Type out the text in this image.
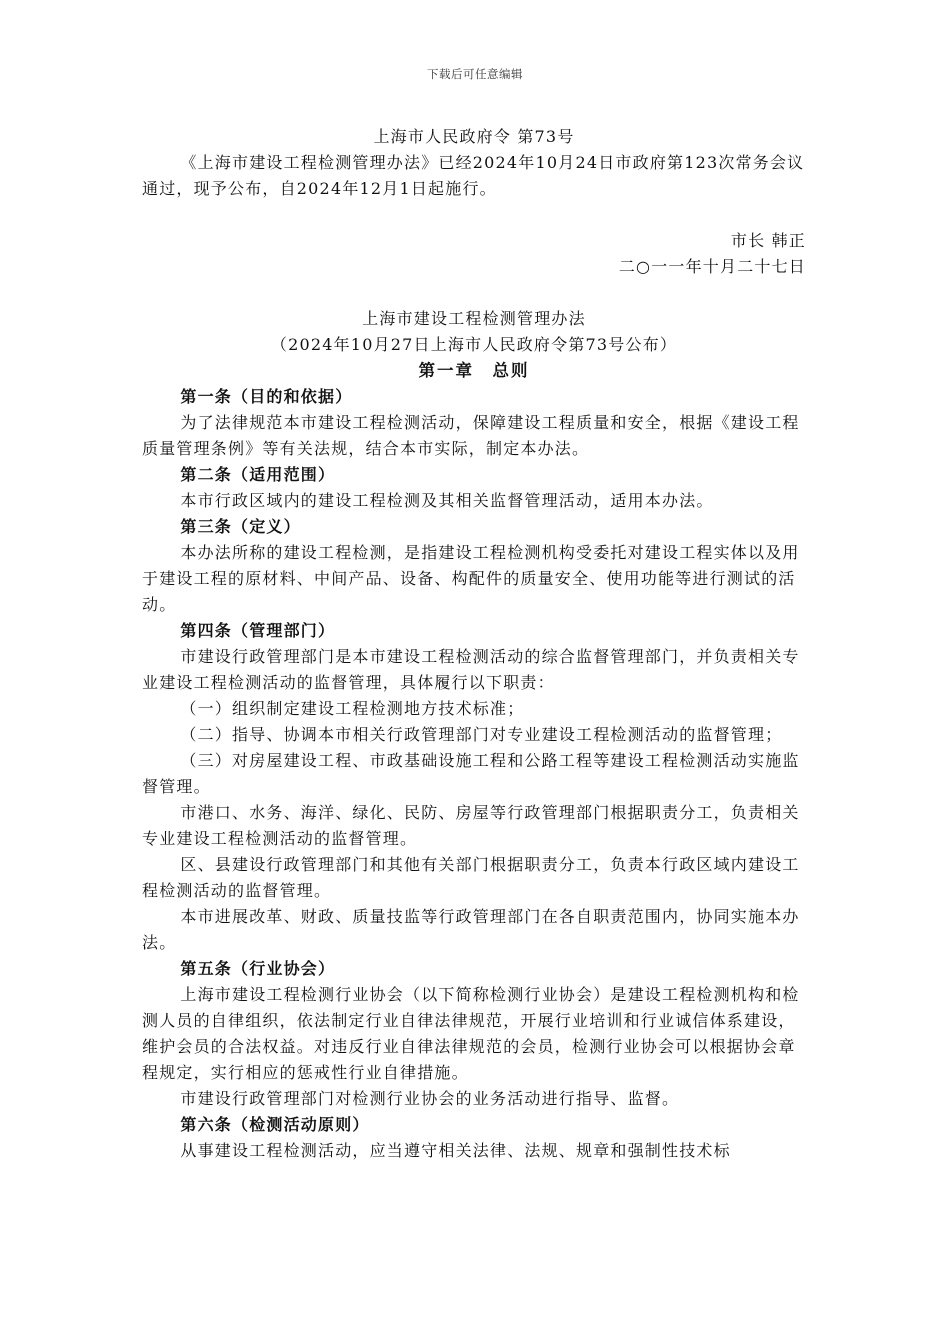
下载后可任意编辑

上海市人民政府令 第73号

《上海市建设工程检测管理办法》已经2024年10月24日市政府第123次常务会议通过，现予公布，自2024年12月1日起施行。

市长 韩正

二○一一年十月二十七日

上海市建设工程检测管理办法

（2024年10月27日上海市人民政府令第73号公布）

第一章　总则

第一条（目的和依据）

为了法律规范本市建设工程检测活动，保障建设工程质量和安全，根据《建设工程质量管理条例》等有关法规，结合本市实际，制定本办法。

第二条（适用范围）

本市行政区域内的建设工程检测及其相关监督管理活动，适用本办法。

第三条（定义）

本办法所称的建设工程检测，是指建设工程检测机构受委托对建设工程实体以及用于建设工程的原材料、中间产品、设备、构配件的质量安全、使用功能等进行测试的活动。

第四条（管理部门）

市建设行政管理部门是本市建设工程检测活动的综合监督管理部门，并负责相关专业建设工程检测活动的监督管理，具体履行以下职责：

（一）组织制定建设工程检测地方技术标准；

（二）指导、协调本市相关行政管理部门对专业建设工程检测活动的监督管理；

（三）对房屋建设工程、市政基础设施工程和公路工程等建设工程检测活动实施监督管理。

市港口、水务、海洋、绿化、民防、房屋等行政管理部门根据职责分工，负责相关专业建设工程检测活动的监督管理。

区、县建设行政管理部门和其他有关部门根据职责分工，负责本行政区域内建设工程检测活动的监督管理。

本市进展改革、财政、质量技监等行政管理部门在各自职责范围内，协同实施本办法。

第五条（行业协会）

上海市建设工程检测行业协会（以下简称检测行业协会）是建设工程检测机构和检测人员的自律组织，依法制定行业自律法律规范，开展行业培训和行业诚信体系建设，维护会员的合法权益。对违反行业自律法律规范的会员，检测行业协会可以根据协会章程规定，实行相应的惩戒性行业自律措施。

市建设行政管理部门对检测行业协会的业务活动进行指导、监督。

第六条（检测活动原则）

从事建设工程检测活动，应当遵守相关法律、法规、规章和强制性技术标
